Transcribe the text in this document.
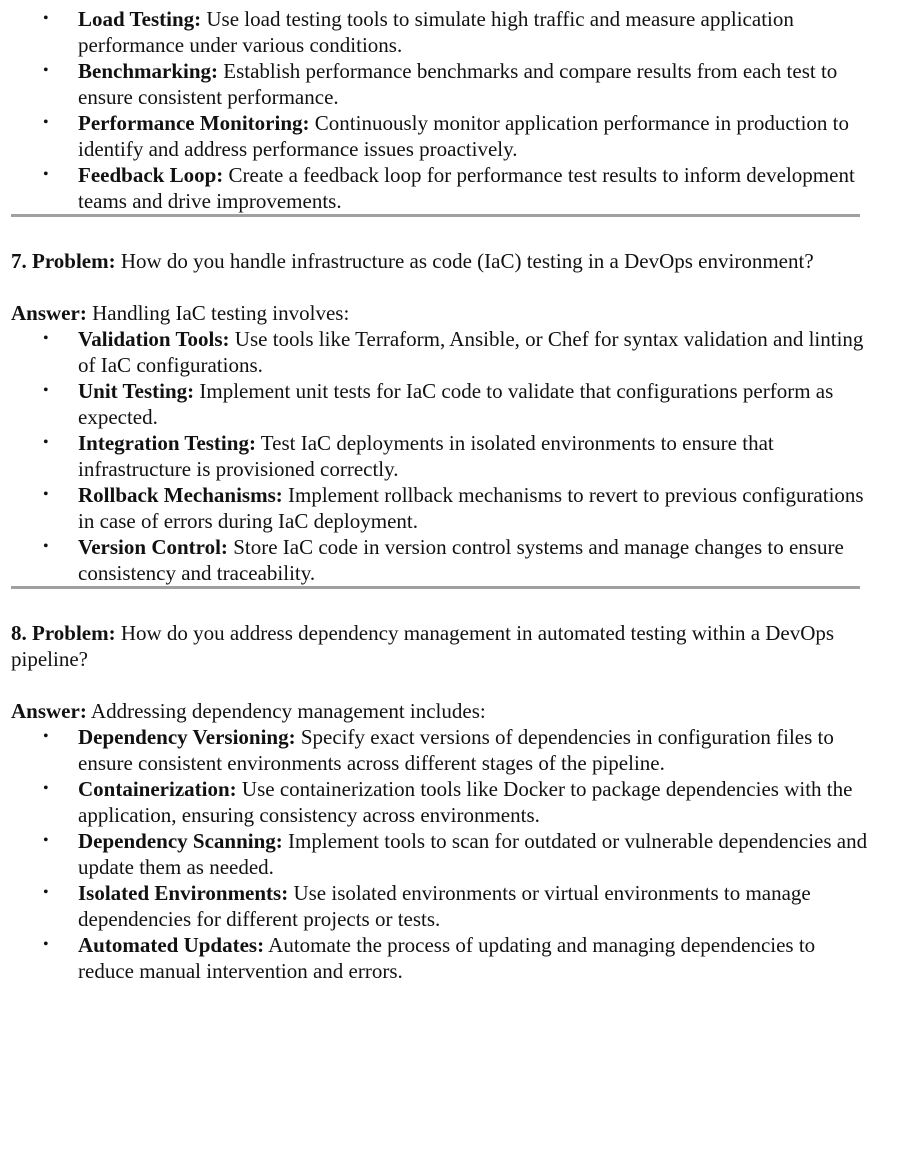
• Load Testing: Use load testing tools to simulate high traffic and measure application performance under various conditions.
• Benchmarking: Establish performance benchmarks and compare results from each test to ensure consistent performance.
• Performance Monitoring: Continuously monitor application performance in production to identify and address performance issues proactively.
• Feedback Loop: Create a feedback loop for performance test results to inform development teams and drive improvements.

7. Problem: How do you handle infrastructure as code (IaC) testing in a DevOps environment?

Answer: Handling IaC testing involves:

• Validation Tools: Use tools like Terraform, Ansible, or Chef for syntax validation and linting of IaC configurations.
• Unit Testing: Implement unit tests for IaC code to validate that configurations perform as expected.
• Integration Testing: Test IaC deployments in isolated environments to ensure that infrastructure is provisioned correctly.
• Rollback Mechanisms: Implement rollback mechanisms to revert to previous configurations in case of errors during IaC deployment.
• Version Control: Store IaC code in version control systems and manage changes to ensure consistency and traceability.

8. Problem: How do you address dependency management in automated testing within a DevOps pipeline?

Answer: Addressing dependency management includes:

• Dependency Versioning: Specify exact versions of dependencies in configuration files to ensure consistent environments across different stages of the pipeline.
• Containerization: Use containerization tools like Docker to package dependencies with the application, ensuring consistency across environments.
• Dependency Scanning: Implement tools to scan for outdated or vulnerable dependencies and update them as needed.
• Isolated Environments: Use isolated environments or virtual environments to manage dependencies for different projects or tests.
• Automated Updates: Automate the process of updating and managing dependencies to reduce manual intervention and errors.
